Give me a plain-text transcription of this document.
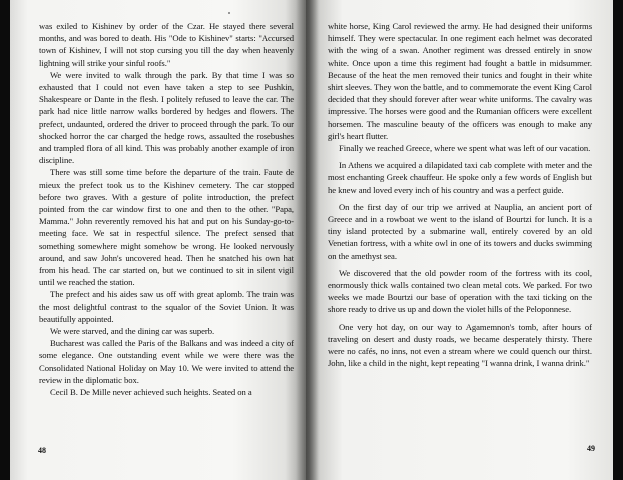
was exiled to Kishinev by order of the Czar. He stayed there several months, and was bored to death. His "Ode to Kishinev" starts: "Accursed town of Kishinev, I will not stop cursing you till the day when heavenly lightning will strike your sinful roofs."

We were invited to walk through the park. By that time I was so exhausted that I could not even have taken a step to see Pushkin, Shakespeare or Dante in the flesh. I politely refused to leave the car. The park had nice little narrow walks bordered by hedges and flowers. The prefect, undaunted, ordered the driver to proceed through the park. To our shocked horror the car charged the hedge rows, assaulted the rosebushes and trampled flora of all kind. This was probably another example of iron discipline.

There was still some time before the departure of the train. Faute de mieux the prefect took us to the Kishinev cemetery. The car stopped before two graves. With a gesture of polite introduction, the prefect pointed from the car window first to one and then to the other. "Papa, Mamma." John reverently removed his hat and put on his Sunday-go-to-meeting face. We sat in respectful silence. The prefect sensed that something somewhere might somehow be wrong. He looked nervously around, and saw John's uncovered head. Then he snatched his own hat from his head. The car started on, but we continued to sit in silent vigil until we reached the station.

The prefect and his aides saw us off with great aplomb. The train was the most delightful contrast to the squalor of the Soviet Union. It was beautifully appointed.

We were starved, and the dining car was superb.

Bucharest was called the Paris of the Balkans and was indeed a city of some elegance. One outstanding event while we were there was the Consolidated National Holiday on May 10. We were invited to attend the review in the diplomatic box.

Cecil B. De Mille never achieved such heights. Seated on a

48

white horse, King Carol reviewed the army. He had designed their uniforms himself. They were spectacular. In one regiment each helmet was decorated with the wing of a swan. Another regiment was dressed entirely in snow white. Once upon a time this regiment had fought a battle in midsummer. Because of the heat the men removed their tunics and fought in their white shirt sleeves. They won the battle, and to commemorate the event King Carol decided that they should forever after wear white uniforms. The cavalry was impressive. The horses were good and the Rumanian officers were excellent horsemen. The masculine beauty of the officers was enough to make any girl's heart flutter.

Finally we reached Greece, where we spent what was left of our vacation.

In Athens we acquired a dilapidated taxi cab complete with meter and the most enchanting Greek chauffeur. He spoke only a few words of English but he knew and loved every inch of his country and was a perfect guide.

On the first day of our trip we arrived at Nauplia, an ancient port of Greece and in a rowboat we went to the island of Bourtzi for lunch. It is a tiny island protected by a submarine wall, entirely covered by an old Venetian fortress, with a white owl in one of its towers and ducks swimming on the amethyst sea.

We discovered that the old powder room of the fortress with its cool, enormously thick walls contained two clean metal cots. We parked. For two weeks we made Bourtzi our base of operation with the taxi ticking on the shore ready to drive us up and down the violet hills of the Peloponnese.

One very hot day, on our way to Agamemnon's tomb, after hours of traveling on desert and dusty roads, we became desperately thirsty. There were no cafés, no inns, not even a stream where we could quench our thirst. John, like a child in the night, kept repeating "I wanna drink, I wanna drink."

49
